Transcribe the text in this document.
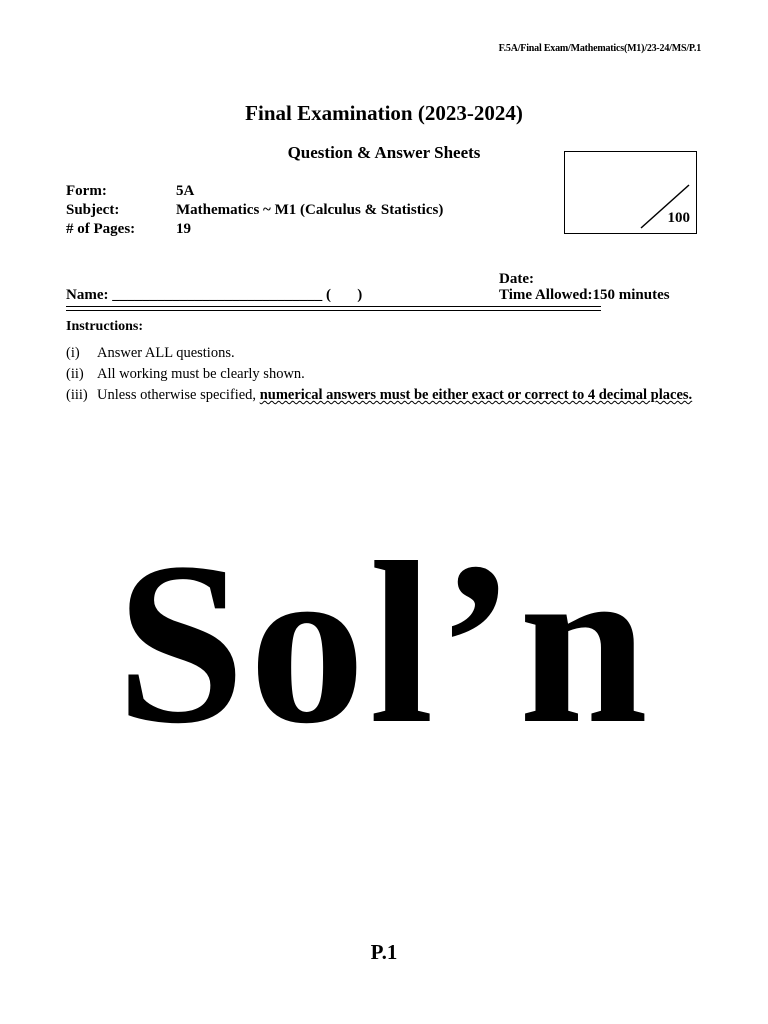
F.5A/Final Exam/Mathematics(M1)/23-24/MS/P.1
Final Examination (2023-2024)
Question & Answer Sheets
Form:	5A
Subject:	Mathematics ~ M1 (Calculus & Statistics)
# of Pages:	19
100
Date:
Name: ____________________________ (       )	Time Allowed:150 minutes
Instructions:
(i)	Answer ALL questions.
(ii) All working must be clearly shown.
(iii) Unless otherwise specified, numerical answers must be either exact or correct to 4 decimal places.
Sol’n
P.1
